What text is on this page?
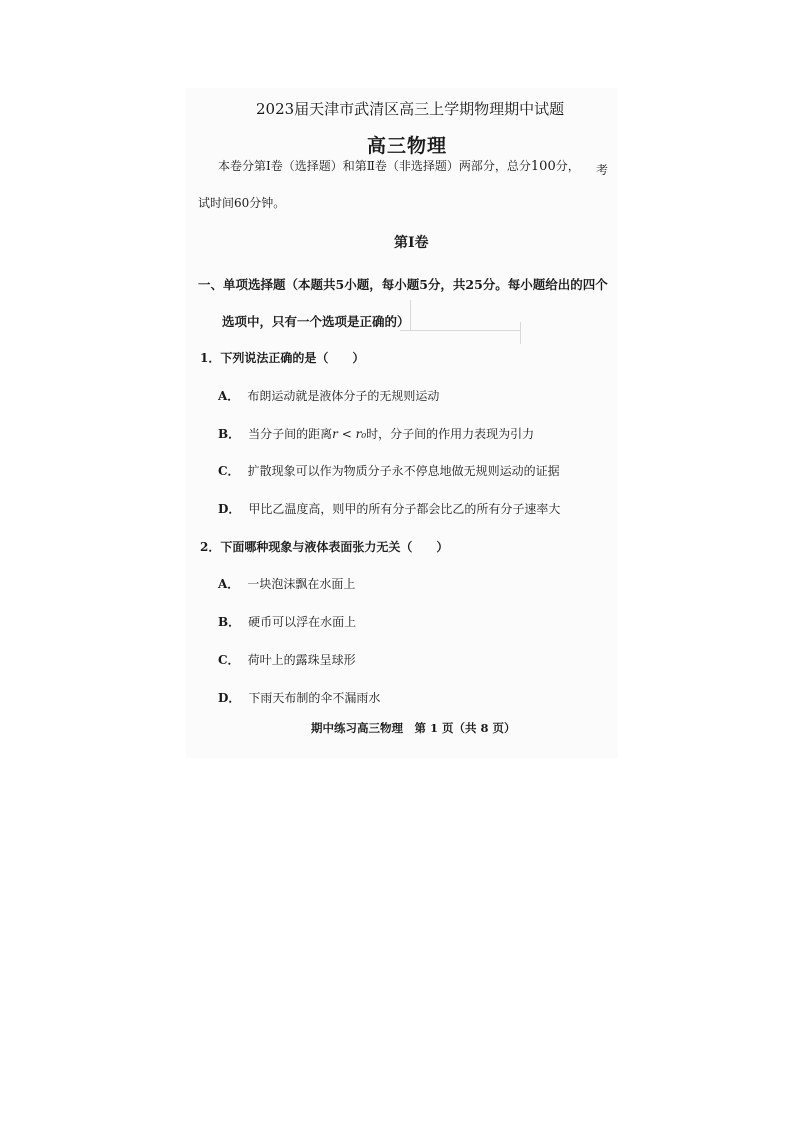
2023届天津市武清区高三上学期物理期中试题
高三物理
本卷分第Ⅰ卷（选择题）和第Ⅱ卷（非选择题）两部分，总分100分， 考
试时间60分钟。
第Ⅰ卷
一、单项选择题（本题共5小题，每小题5分，共25分。每小题给出的四个
选项中，只有一个选项是正确的）
1．下列说法正确的是（　　）
A． 布朗运动就是液体分子的无规则运动
B． 当分子间的距离r < r₀时，分子间的作用力表现为引力
C． 扩散现象可以作为物质分子永不停息地做无规则运动的证据
D． 甲比乙温度高，则甲的所有分子都会比乙的所有分子速率大
2．下面哪种现象与液体表面张力无关（　　）
A． 一块泡沫飘在水面上
B． 硬币可以浮在水面上
C． 荷叶上的露珠呈球形
D． 下雨天布制的伞不漏雨水
期中练习高三物理　第 1 页（共 8 页）
